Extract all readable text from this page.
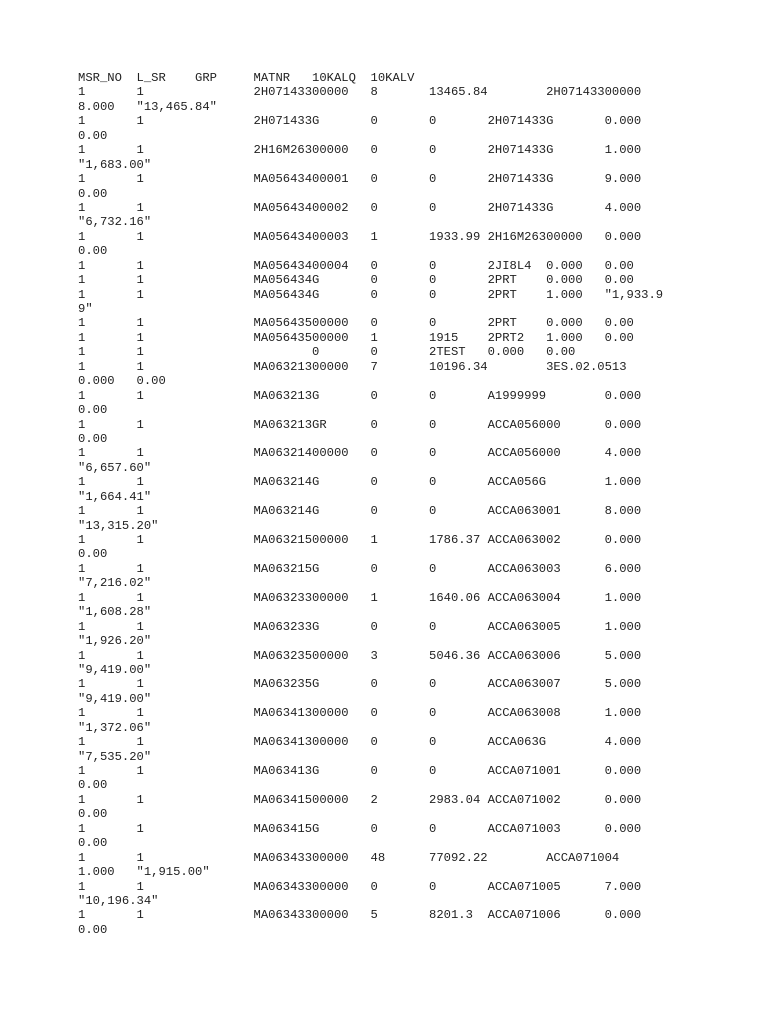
MSR_NO  L_SR    GRP     MATNR   10KALQ  10KALV
1       1               2H07143300000   8       13465.84        2H07143300000
8.000   "13,465.84"
1       1               2H071433G       0       0       2H071433G       0.000
0.00
1       1               2H16M26300000   0       0       2H071433G       1.000
"1,683.00"
1       1               MA05643400001   0       0       2H071433G       9.000
0.00
1       1               MA05643400002   0       0       2H071433G       4.000
"6,732.16"
1       1               MA05643400003   1       1933.99 2H16M26300000   0.000
0.00
1       1               MA05643400004   0       0       2JI8L4  0.000   0.00
1       1               MA056434G       0       0       2PRT    0.000   0.00
1       1               MA056434G       0       0       2PRT    1.000   "1,933.9
9"
1       1               MA05643500000   0       0       2PRT    0.000   0.00
1       1               MA05643500000   1       1915    2PRT2   1.000   0.00
1       1                       0       0       2TEST   0.000   0.00
1       1               MA06321300000   7       10196.34        3ES.02.0513
0.000   0.00
1       1               MA063213G       0       0       A1999999        0.000
0.00
1       1               MA063213GR      0       0       ACCA056000      0.000
0.00
1       1               MA06321400000   0       0       ACCA056000      4.000
"6,657.60"
1       1               MA063214G       0       0       ACCA056G        1.000
"1,664.41"
1       1               MA063214G       0       0       ACCA063001      8.000
"13,315.20"
1       1               MA06321500000   1       1786.37 ACCA063002      0.000
0.00
1       1               MA063215G       0       0       ACCA063003      6.000
"7,216.02"
1       1               MA06323300000   1       1640.06 ACCA063004      1.000
"1,608.28"
1       1               MA063233G       0       0       ACCA063005      1.000
"1,926.20"
1       1               MA06323500000   3       5046.36 ACCA063006      5.000
"9,419.00"
1       1               MA063235G       0       0       ACCA063007      5.000
"9,419.00"
1       1               MA06341300000   0       0       ACCA063008      1.000
"1,372.06"
1       1               MA06341300000   0       0       ACCA063G        4.000
"7,535.20"
1       1               MA063413G       0       0       ACCA071001      0.000
0.00
1       1               MA06341500000   2       2983.04 ACCA071002      0.000
0.00
1       1               MA063415G       0       0       ACCA071003      0.000
0.00
1       1               MA06343300000   48      77092.22        ACCA071004
1.000   "1,915.00"
1       1               MA06343300000   0       0       ACCA071005      7.000
"10,196.34"
1       1               MA06343300000   5       8201.3  ACCA071006      0.000
0.00
